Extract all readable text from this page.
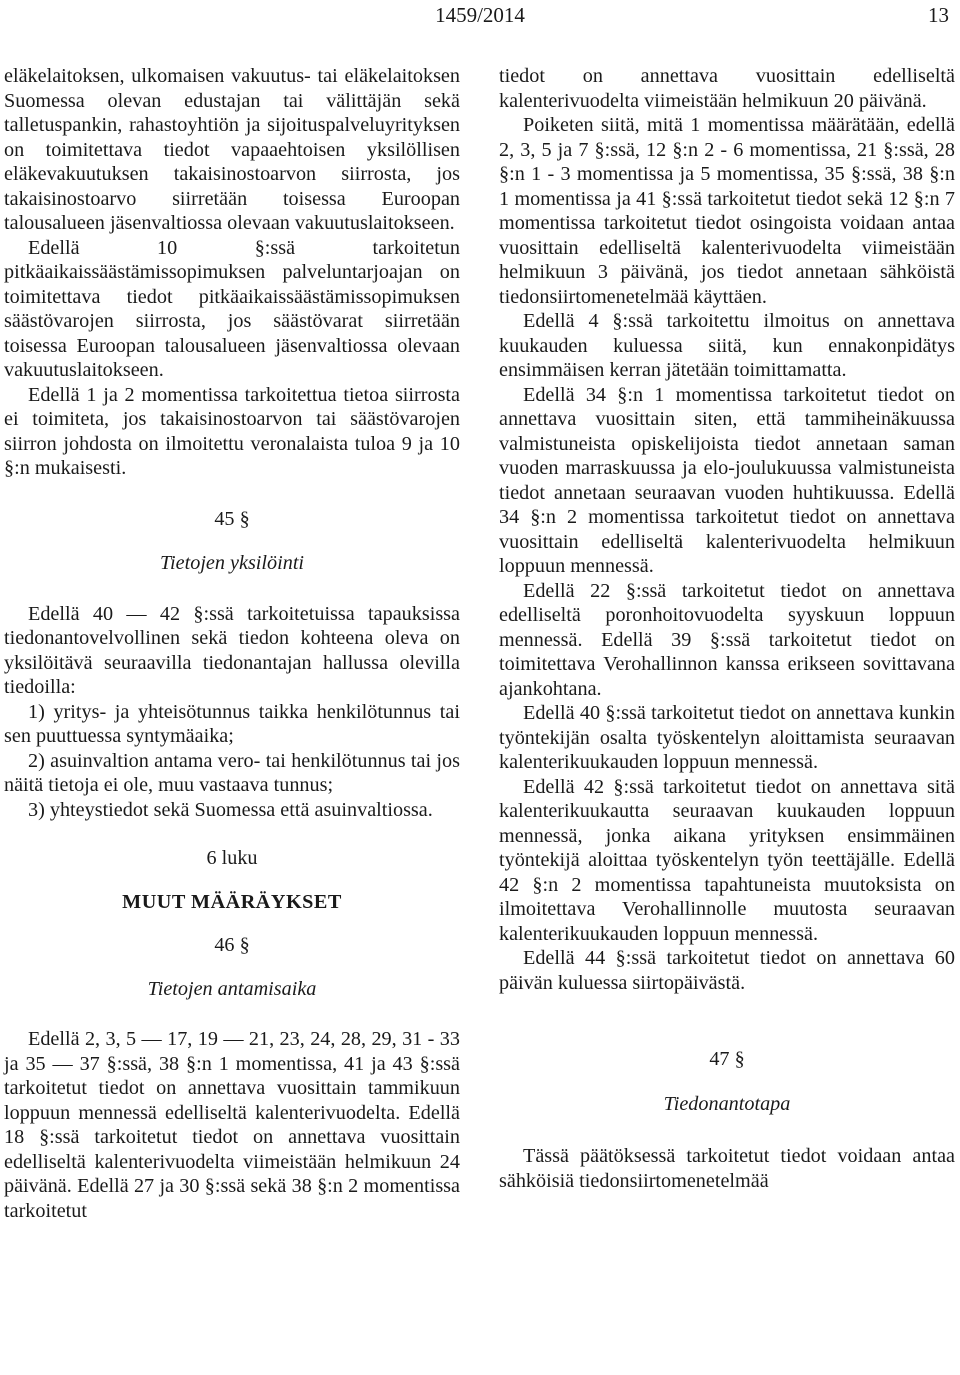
1459/2014	13

eläkelaitoksen, ulkomaisen vakuutus- tai eläkelaitoksen Suomessa olevan edustajan tai välittäjän sekä talletuspankin, rahastoyhtiön ja sijoituspalveluyrityksen on toimitettava tiedot vapaaehtoisen yksilöllisen eläkevakuutuksen takaisinostoarvon siirrosta, jos takaisinostoarvo siirretään toisessa Euroopan talousalueen jäsenvaltiossa olevaan vakuutuslaitokseen.

Edellä 10 §:ssä tarkoitetun pitkäaikaissäästämissopimuksen palveluntarjoajan on toimitettava tiedot pitkäaikaissäästämissopimuksen säästövarojen siirrosta, jos säästövarat siirretään toisessa Euroopan talousalueen jäsenvaltiossa olevaan vakuutuslaitokseen.

Edellä 1 ja 2 momentissa tarkoitettua tietoa siirrosta ei toimiteta, jos takaisinostoarvon tai säästövarojen siirron johdosta on ilmoitettu veronalaista tuloa 9 ja 10 §:n mukaisesti.

45 §
Tietojen yksilöinti

Edellä 40 — 42 §:ssä tarkoitetuissa tapauksissa tiedonantovelvollinen sekä tiedon kohteena oleva on yksilöitävä seuraavilla tiedonantajan hallussa olevilla tiedoilla:

1) yritys- ja yhteisötunnus taikka henkilötunnus tai sen puuttuessa syntymäaika;

2) asuinvaltion antama vero- tai henkilötunnus tai jos näitä tietoja ei ole, muu vastaava tunnus;

3) yhteystiedot sekä Suomessa että asuinvaltiossa.

6 luku
MUUT MÄÄRÄYKSET
46 §
Tietojen antamisaika

Edellä 2, 3, 5 — 17, 19 — 21, 23, 24, 28, 29, 31 - 33 ja 35 — 37 §:ssä, 38 §:n 1 momentissa, 41 ja 43 §:ssä tarkoitetut tiedot on annettava vuosittain tammikuun loppuun mennessä edelliseltä kalenterivuodelta. Edellä 18 §:ssä tarkoitetut tiedot on annettava vuosittain edelliseltä kalenterivuodelta viimeistään helmikuun 24 päivänä. Edellä 27 ja 30 §:ssä sekä 38 §:n 2 momentissa tarkoitetut

tiedot on annettava vuosittain edelliseltä kalenterivuodelta viimeistään helmikuun 20 päivänä.

Poiketen siitä, mitä 1 momentissa määrätään, edellä 2, 3, 5 ja 7 §:ssä, 12 §:n 2 - 6 momentissa, 21 §:ssä, 28 §:n 1 - 3 momentissa ja 5 momentissa, 35 §:ssä, 38 §:n 1 momentissa ja 41 §:ssä tarkoitetut tiedot sekä 12 §:n 7 momentissa tarkoitetut tiedot osingoista voidaan antaa vuosittain edelliseltä kalenterivuodelta viimeistään helmikuun 3 päivänä, jos tiedot annetaan sähköistä tiedonsiirtomenetelmää käyttäen.

Edellä 4 §:ssä tarkoitettu ilmoitus on annettava kuukauden kuluessa siitä, kun ennakonpidätys ensimmäisen kerran jätetään toimittamatta.

Edellä 34 §:n 1 momentissa tarkoitetut tiedot on annettava vuosittain siten, että tammiheinäkuussa valmistuneista opiskelijoista tiedot annetaan saman vuoden marraskuussa ja elo-joulukuussa valmistuneista tiedot annetaan seuraavan vuoden huhtikuussa. Edellä 34 §:n 2 momentissa tarkoitetut tiedot on annettava vuosittain edelliseltä kalenterivuodelta helmikuun loppuun mennessä.

Edellä 22 §:ssä tarkoitetut tiedot on annettava edelliseltä poronhoitovuodelta syyskuun loppuun mennessä. Edellä 39 §:ssä tarkoitetut tiedot on toimitettava Verohallinnon kanssa erikseen sovittavana ajankohtana.

Edellä 40 §:ssä tarkoitetut tiedot on annettava kunkin työntekijän osalta työskentelyn aloittamista seuraavan kalenterikuukauden loppuun mennessä.

Edellä 42 §:ssä tarkoitetut tiedot on annettava sitä kalenterikuukautta seuraavan kuukauden loppuun mennessä, jonka aikana yrityksen ensimmäinen työntekijä aloittaa työskentelyn työn teettäjälle. Edellä 42 §:n 2 momentissa tapahtuneista muutoksista on ilmoitettava Verohallinnolle muutosta seuraavan kalenterikuukauden loppuun mennessä.

Edellä 44 §:ssä tarkoitetut tiedot on annettava 60 päivän kuluessa siirtopäivästä.

47 §
Tiedonantotapa

Tässä päätöksessä tarkoitetut tiedot voidaan antaa sähköisiä tiedonsiirtomenetelmää
